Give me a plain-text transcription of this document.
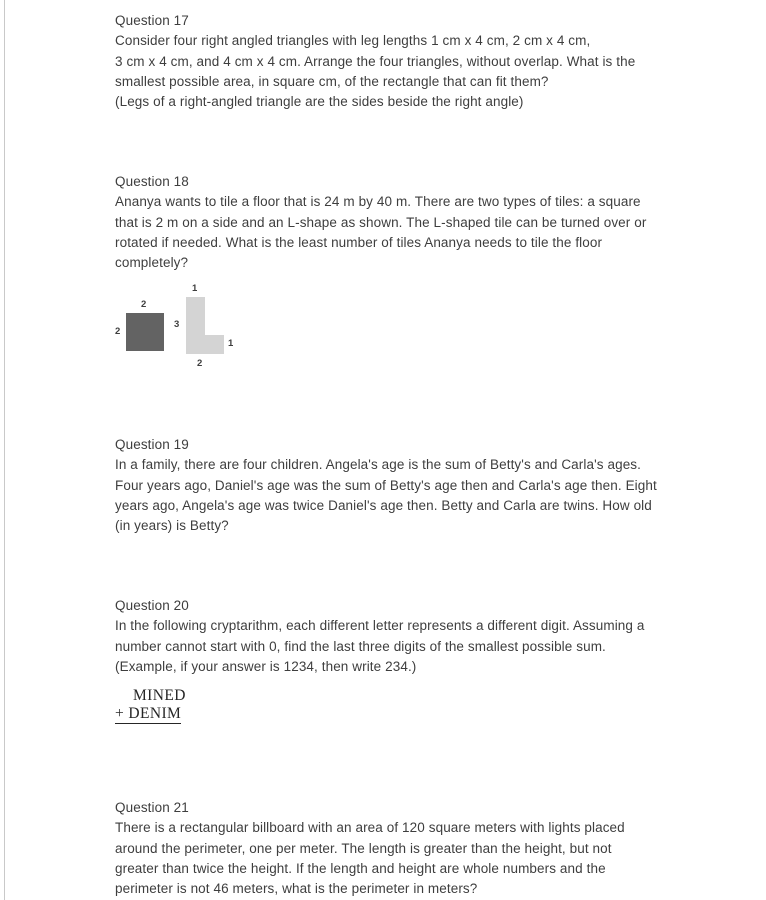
Question 17
Consider four right angled triangles with leg lengths 1 cm x 4 cm, 2 cm x 4 cm,
3 cm x 4 cm, and 4 cm x 4 cm. Arrange the four triangles, without overlap. What is the
smallest possible area, in square cm, of the rectangle that can fit them?
(Legs of a right-angled triangle are the sides beside the right angle)
Question 18
Ananya wants to tile a floor that is 24 m by 40 m. There are two types of tiles: a square
that is 2 m on a side and an L-shape as shown. The L-shaped tile can be turned over or
rotated if needed. What is the least number of tiles Ananya needs to tile the floor
completely?
2
2
1
3
1
2
Question 19
In a family, there are four children. Angela's age is the sum of Betty's and Carla's ages.
Four years ago, Daniel's age was the sum of Betty's age then and Carla's age then. Eight
years ago, Angela's age was twice Daniel's age then. Betty and Carla are twins. How old
(in years) is Betty?
Question 20
In the following cryptarithm, each different letter represents a different digit. Assuming a
number cannot start with 0, find the last three digits of the smallest possible sum.
(Example, if your answer is 1234, then write 234.)
MINED
+ DENIM
Question 21
There is a rectangular billboard with an area of 120 square meters with lights placed
around the perimeter, one per meter. The length is greater than the height, but not
greater than twice the height. If the length and height are whole numbers and the
perimeter is not 46 meters, what is the perimeter in meters?
